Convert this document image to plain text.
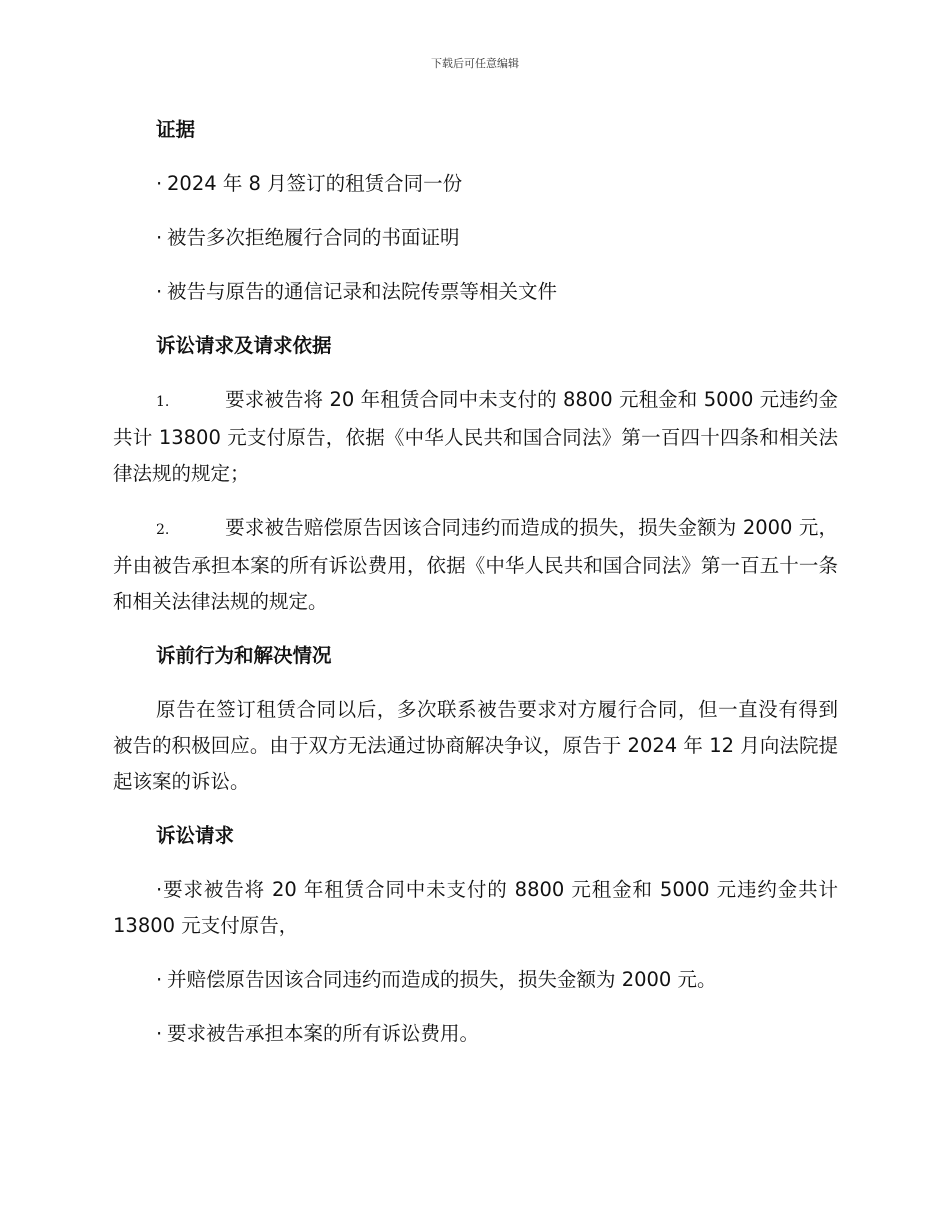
下载后可任意编辑
证据
· 2024 年 8 月签订的租赁合同一份
· 被告多次拒绝履行合同的书面证明
· 被告与原告的通信记录和法院传票等相关文件
诉讼请求及请求依据
1.	要求被告将 20 年租赁合同中未支付的 8800 元租金和 5000 元违约金共计 13800 元支付原告，依据《中华人民共和国合同法》第一百四十四条和相关法律法规的规定；
2.	要求被告赔偿原告因该合同违约而造成的损失，损失金额为 2000 元，并由被告承担本案的所有诉讼费用，依据《中华人民共和国合同法》第一百五十一条和相关法律法规的规定。
诉前行为和解决情况
原告在签订租赁合同以后，多次联系被告要求对方履行合同，但一直没有得到被告的积极回应。由于双方无法通过协商解决争议，原告于 2024 年 12 月向法院提起该案的诉讼。
诉讼请求
·要求被告将 20 年租赁合同中未支付的 8800 元租金和 5000 元违约金共计 13800 元支付原告，
· 并赔偿原告因该合同违约而造成的损失，损失金额为 2000 元。
· 要求被告承担本案的所有诉讼费用。
